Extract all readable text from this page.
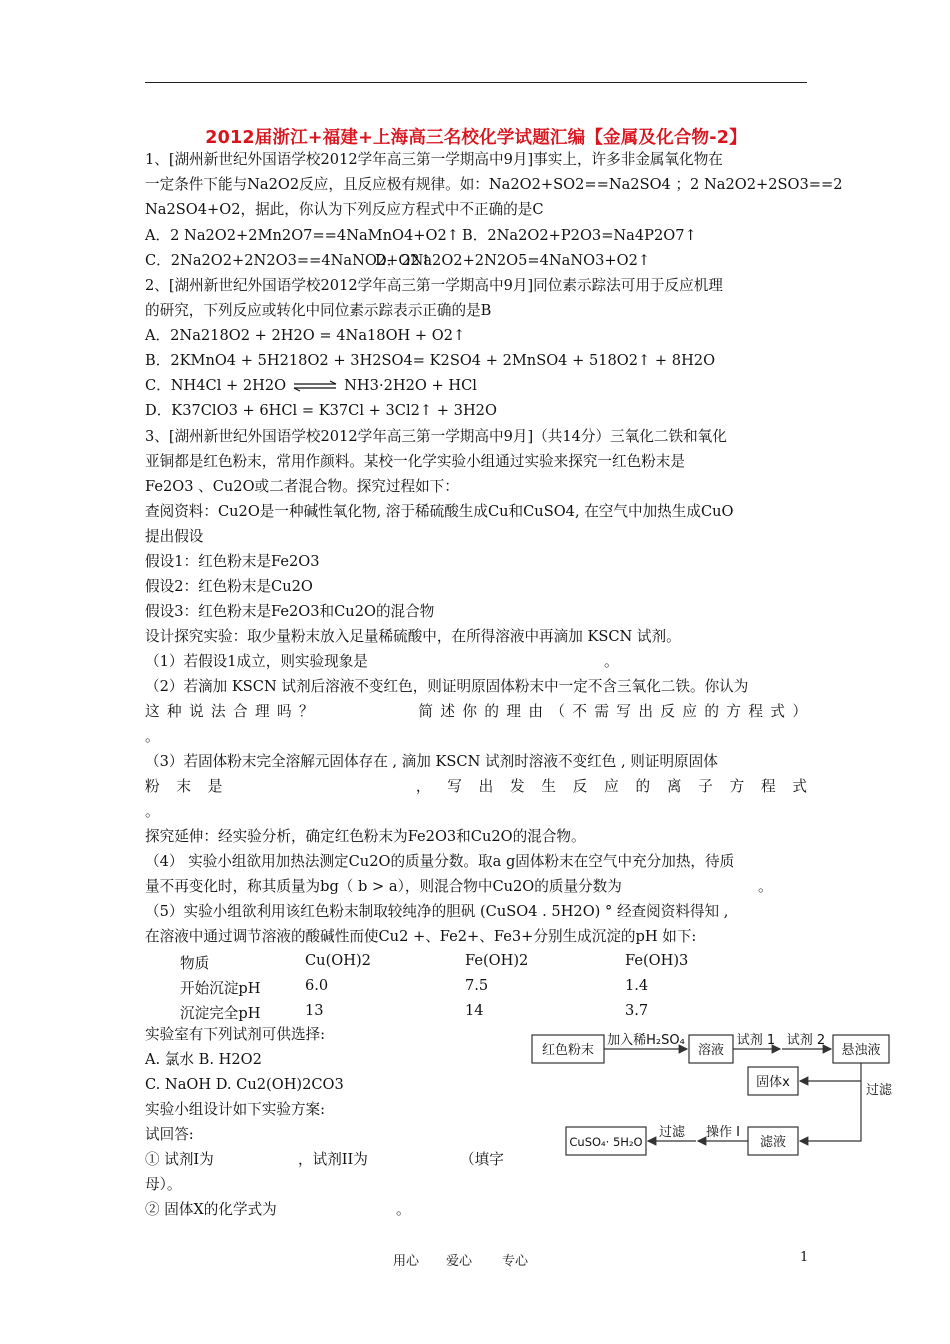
2012届浙江+福建+上海高三名校化学试题汇编【金属及化合物-2】
1、[湖州新世纪外国语学校2012学年高三第一学期高中9月]事实上，许多非金属氧化物在
一定条件下能与Na2O2反应，且反应极有规律。如：Na2O2+SO2==Na2SO4 ；2 Na2O2+2SO3==2
Na2SO4+O2，据此，你认为下列反应方程式中不正确的是C
A．2 Na2O2+2Mn2O7==4NaMnO4+O2↑ B．2Na2O2+P2O3=Na4P2O7↑
C．2Na2O2+2N2O3==4NaNO2+O2↑
D．2Na2O2+2N2O5=4NaNO3+O2↑
2、[湖州新世纪外国语学校2012学年高三第一学期高中9月]同位素示踪法可用于反应机理
的研究，下列反应或转化中同位素示踪表示正确的是B
A．2Na218O2 + 2H2O = 4Na18OH + O2↑
B．2KMnO4 + 5H218O2 + 3H2SO4= K2SO4 + 2MnSO4 + 518O2↑ + 8H2O
C．NH4Cl + 2H2O ⇌ NH3·2H2O + HCl
D．K37ClO3 + 6HCl = K37Cl + 3Cl2↑ + 3H2O
3、[湖州新世纪外国语学校2012学年高三第一学期高中9月]（共14分）三氧化二铁和氧化
亚铜都是红色粉末，常用作颜料。某校一化学实验小组通过实验来探究一红色粉末是
Fe2O3 、Cu2O或二者混合物。探究过程如下：
查阅资料：Cu2O是一种碱性氧化物, 溶于稀硫酸生成Cu和CuSO4, 在空气中加热生成CuO
提出假设
假设1：红色粉末是Fe2O3
假设2：红色粉末是Cu2O
假设3：红色粉末是Fe2O3和Cu2O的混合物
设计探究实验：取少量粉末放入足量稀硫酸中，在所得溶液中再滴加 KSCN 试剂。
（1）若假设1成立，则实验现象是	。
（2）若滴加 KSCN 试剂后溶液不变红色，则证明原固体粉末中一定不含三氧化二铁。你认为
这 种 说 法 合 理 吗 ？	简 述 你 的 理 由 （ 不 需 写 出 反 应 的 方 程 式 ）
。
（3）若固体粉末完全溶解元固体存在 , 滴加 KSCN 试剂时溶液不变红色 , 则证明原固体
粉 末 是	， 写 出 发 生 反 应 的 离 子 方 程 式
。
探究延伸：经实验分析，确定红色粉末为Fe2O3和Cu2O的混合物。
（4） 实验小组欲用加热法测定Cu2O的质量分数。取a g固体粉末在空气中充分加热，待质
量不再变化时，称其质量为bg（ b > a），则混合物中Cu2O的质量分数为	。
（5）实验小组欲利用该红色粉末制取较纯净的胆矾 (CuSO4 . 5H2O) ° 经查阅资料得知 ,
在溶液中通过调节溶液的酸碱性而使Cu2 +、Fe2+、Fe3+分别生成沉淀的pH 如下:
物质	Cu(OH)2	Fe(OH)2	Fe(OH)3
开始沉淀pH	6.0	7.5	1.4
沉淀完全pH	13	14	3.7
实验室有下列试剂可供选择:
A. 氯水 B. H2O2
C. NaOH D. Cu2(OH)2CO3
实验小组设计如下实验方案:
试回答:
① 试剂I为	，试剂II为	（填字
母）。
② 固体X的化学式为	。
红色粉末
加入稀H₂SO₄
溶液
试剂 1 试剂 2
悬浊液
过滤
固体x
滤液
操作 I
过滤
CuSO₄· 5H₂O
用心 爱心 专心	1
